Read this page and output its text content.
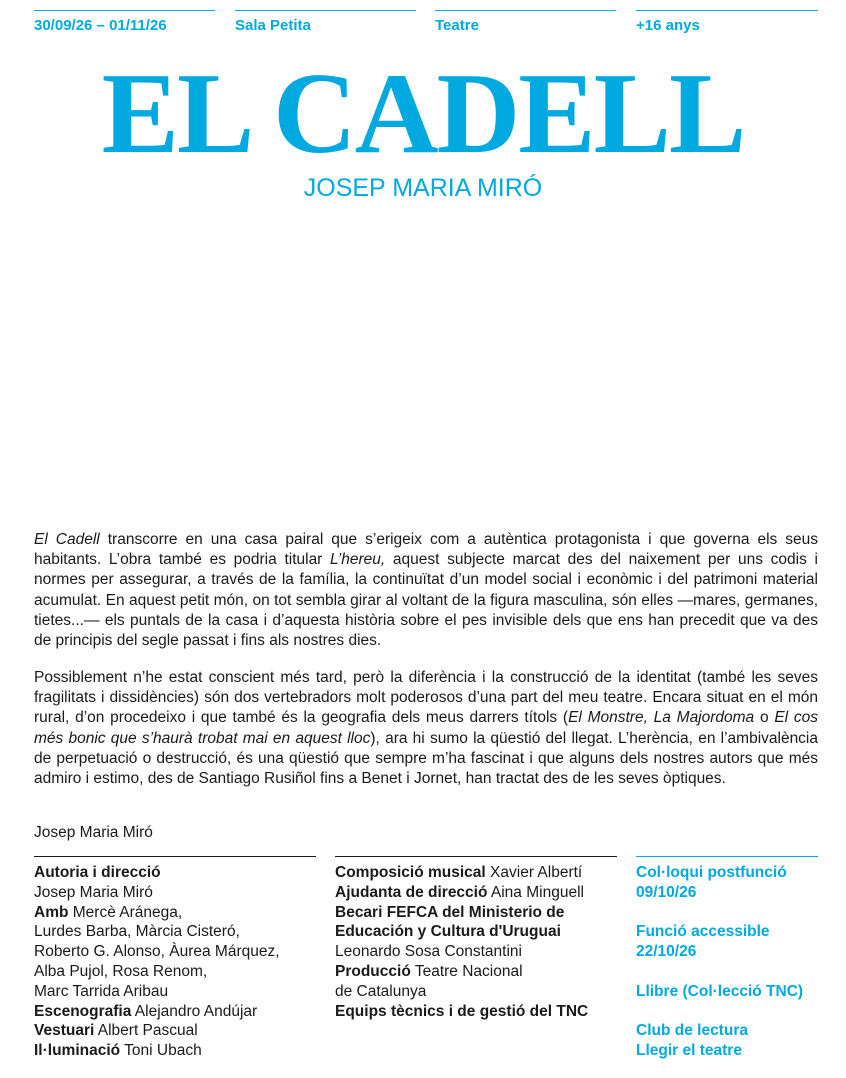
30/09/26 – 01/11/26	Sala Petita	Teatre	+16 anys
EL CADELL
JOSEP MARIA MIRÓ

El Cadell transcorre en una casa pairal que s’erigeix com a autèntica protagonista i que governa els seus habitants. L’obra també es podria titular L’hereu, aquest subjecte marcat des del naixement per uns codis i normes per assegurar, a través de la família, la continuïtat d’un model social i econòmic i del patrimoni material acumulat. En aquest petit món, on tot sembla girar al voltant de la figura masculina, són elles —mares, germanes, tietes...— els puntals de la casa i d’aquesta història sobre el pes invisible dels que ens han precedit que va des de principis del segle passat i fins als nostres dies.

Possiblement n’he estat conscient més tard, però la diferència i la construcció de la identitat (també les seves fragilitats i dissidències) són dos vertebradors molt poderosos d’una part del meu teatre. Encara situat en el món rural, d’on procedeixo i que també és la geografia dels meus darrers títols (El Monstre, La Majordoma o El cos més bonic que s’haurà trobat mai en aquest lloc), ara hi sumo la qüestió del llegat. L’herència, en l’ambivalència de perpetuació o destrucció, és una qüestió que sempre m’ha fascinat i que alguns dels nostres autors que més admiro i estimo, des de Santiago Rusiñol fins a Benet i Jornet, han tractat des de les seves òptiques.

Josep Maria Miró
Autoria i direcció
Josep Maria Miró
Amb Mercè Aránega,
Lurdes Barba, Màrcia Cisteró,
Roberto G. Alonso, Àurea Márquez,
Alba Pujol, Rosa Renom,
Marc Tarrida Aribau
Escenografia Alejandro Andújar
Vestuari Albert Pascual
Il·luminació Toni Ubach
Composició musical Xavier Albertí
Ajudanta de direcció Aina Minguell
Becari FEFCA del Ministerio de
Educación y Cultura d'Uruguai
Leonardo Sosa Constantini
Producció Teatre Nacional
de Catalunya
Equips tècnics i de gestió del TNC
Col·loqui postfunció
09/10/26
Funció accessible
22/10/26
Llibre (Col·lecció TNC)
Club de lectura
Llegir el teatre
